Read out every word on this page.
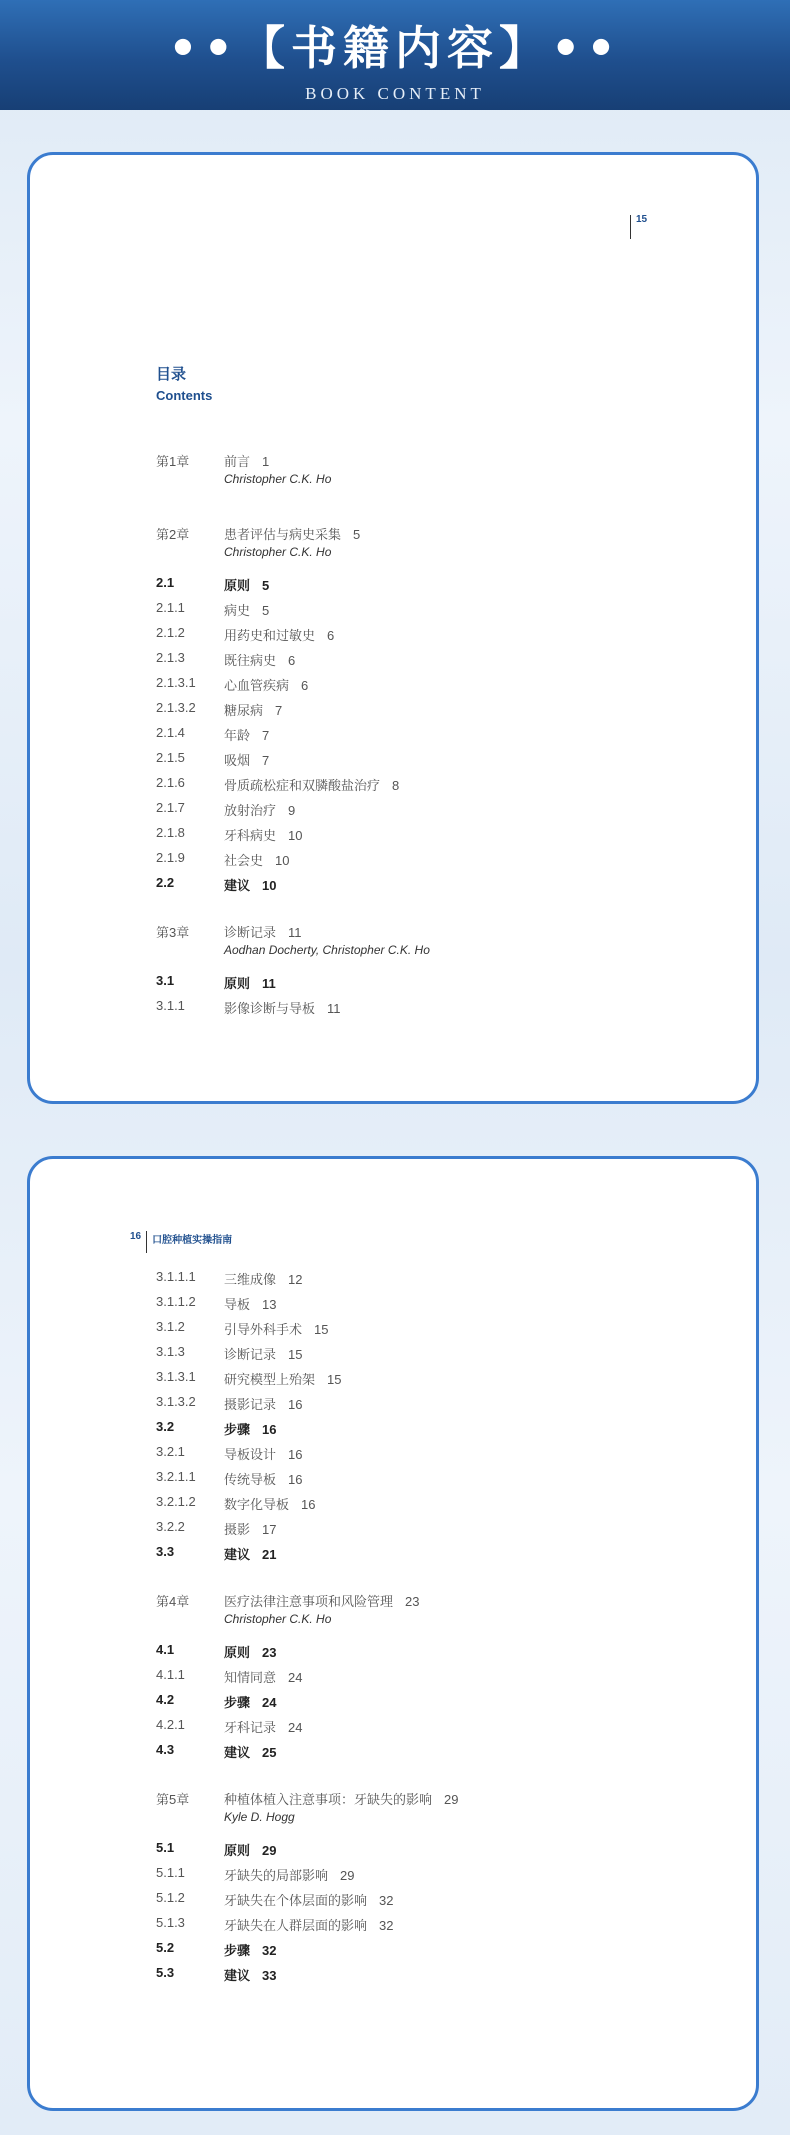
••【书籍内容】••
BOOK CONTENT
15
目录
Contents
第1章	前言 1
Christopher C.K. Ho
第2章	患者评估与病史采集 5
Christopher C.K. Ho
2.1	原则 5
2.1.1	病史 5
2.1.2	用药史和过敏史 6
2.1.3	既往病史 6
2.1.3.1 心血管疾病 6
2.1.3.2 糖尿病 7
2.1.4	年龄 7
2.1.5	吸烟 7
2.1.6	骨质疏松症和双膦酸盐治疗 8
2.1.7	放射治疗 9
2.1.8	牙科病史 10
2.1.9	社会史 10
2.2	建议 10
第3章	诊断记录 11
Aodhan Docherty, Christopher C.K. Ho
3.1	原则 11
3.1.1	影像诊断与导板 11
16	口腔种植实操指南
3.1.1.1 三维成像 12
3.1.1.2 导板 13
3.1.2	引导外科手术 15
3.1.3	诊断记录 15
3.1.3.1 研究模型上殆架 15
3.1.3.2 摄影记录 16
3.2	步骤 16
3.2.1	导板设计 16
3.2.1.1 传统导板 16
3.2.1.2 数字化导板 16
3.2.2	摄影 17
3.3	建议 21
第4章	医疗法律注意事项和风险管理 23
Christopher C.K. Ho
4.1	原则 23
4.1.1	知情同意 24
4.2	步骤 24
4.2.1	牙科记录 24
4.3	建议 25
第5章	种植体植入注意事项：牙缺失的影响 29
Kyle D. Hogg
5.1	原则 29
5.1.1	牙缺失的局部影响 29
5.1.2	牙缺失在个体层面的影响 32
5.1.3	牙缺失在人群层面的影响 32
5.2	步骤 32
5.3	建议 33
